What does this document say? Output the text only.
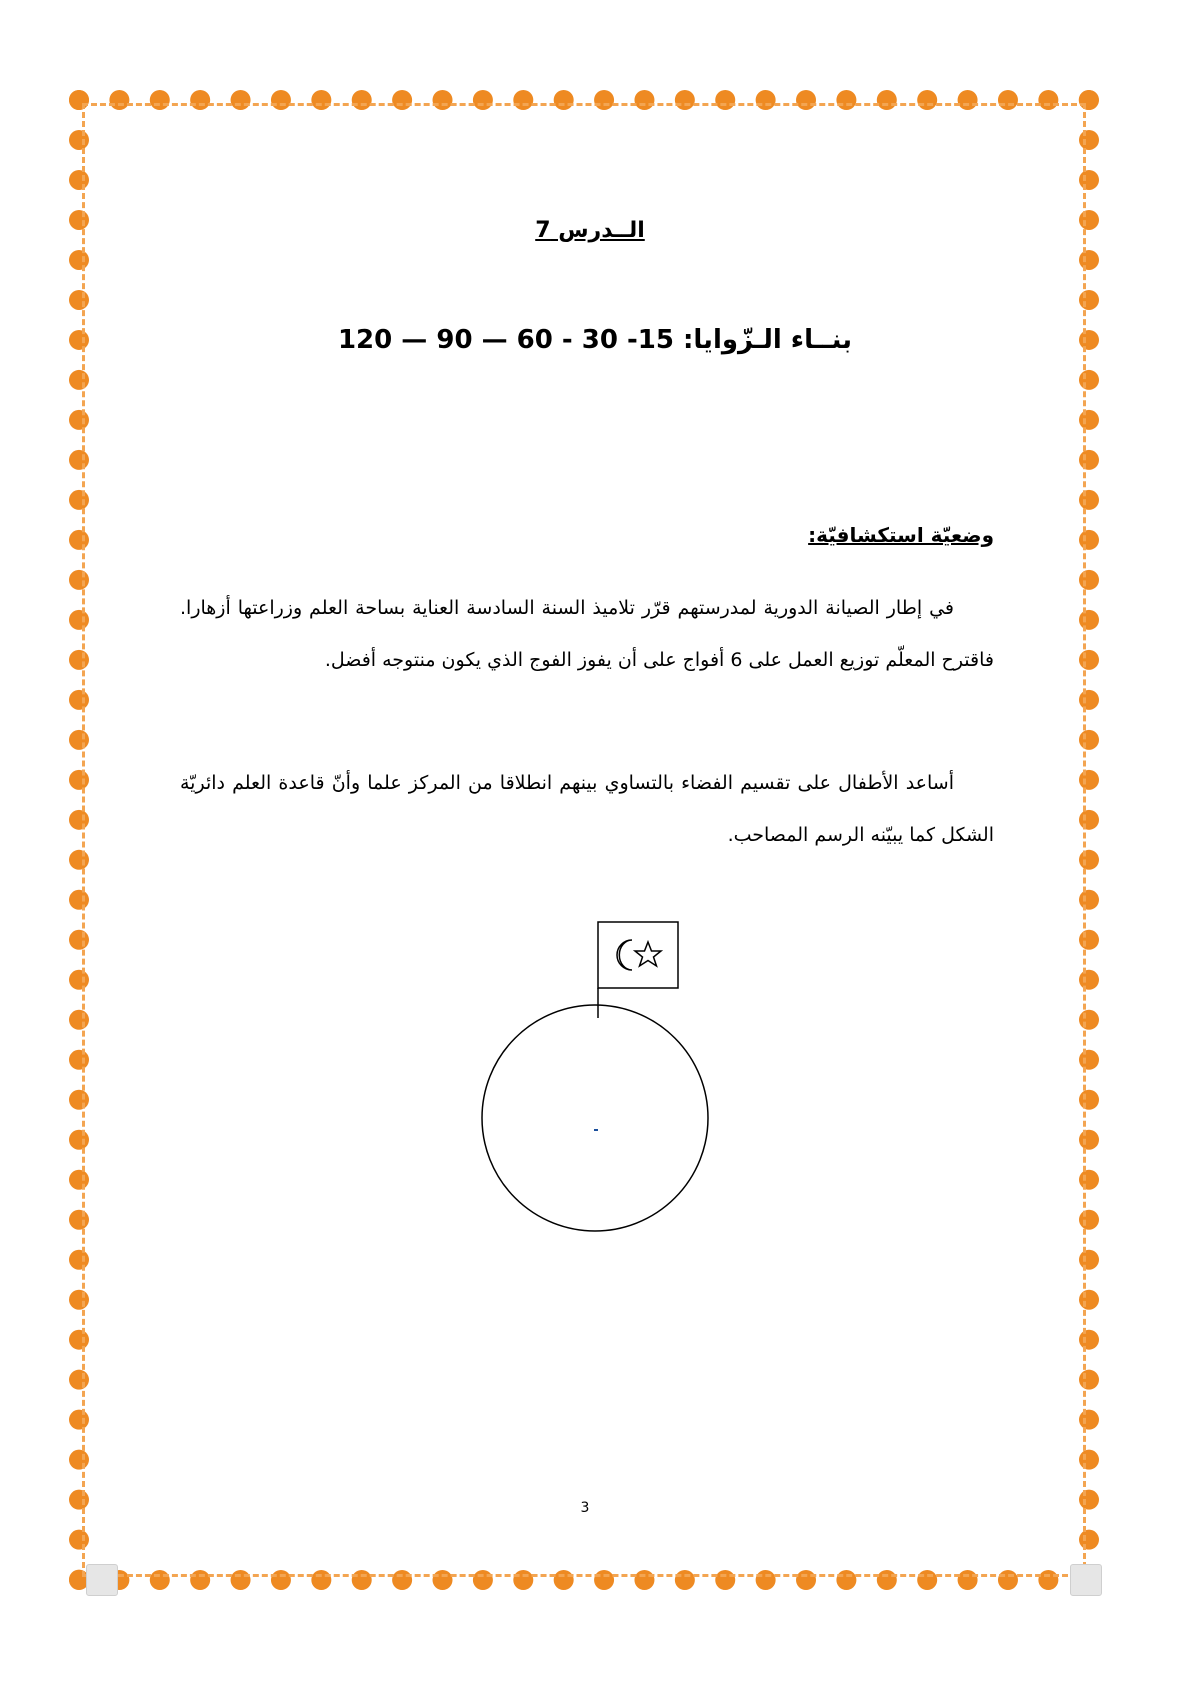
الــدرس 7
بنــاء الـزّوايا: 15- 30 - 60 — 90 — 120
وضعيّة استكشافيّة:
في إطار الصيانة الدورية لمدرستهم قرّر تلاميذ السنة السادسة العناية بساحة العلم وزراعتها أزهارا. فاقترح المعلّم توزيع العمل على 6 أفواج على أن يفوز الفوج الذي يكون منتوجه أفضل.
أساعد الأطفال على تقسيم الفضاء بالتساوي بينهم انطلاقا من المركز علما وأنّ قاعدة العلم دائريّة الشكل كما يبيّنه الرسم المصاحب.
3
